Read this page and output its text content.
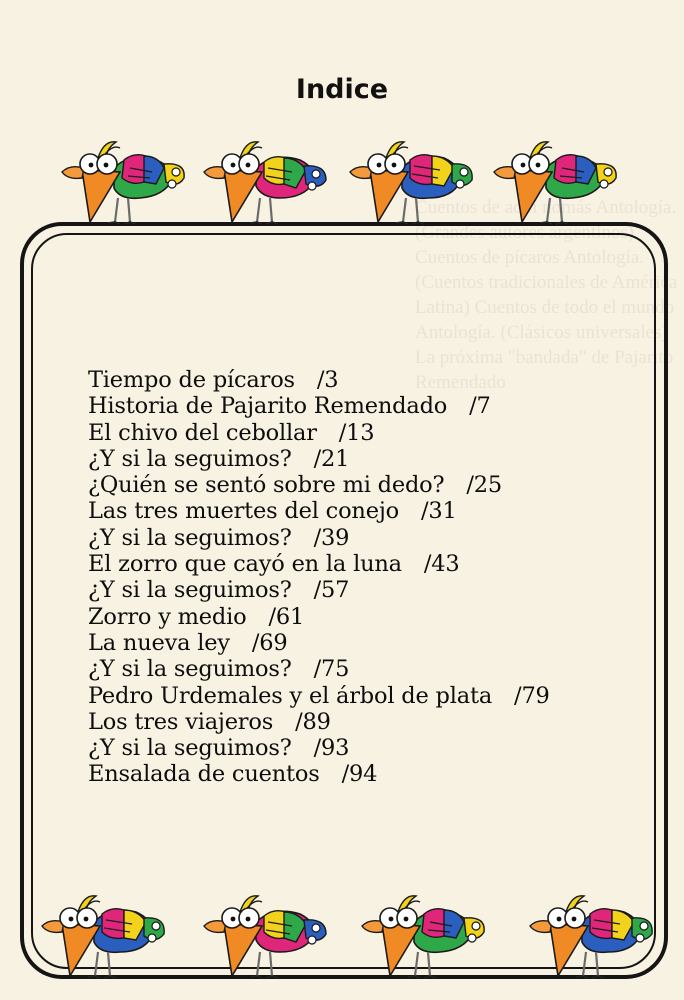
Cuentos de aquí nomás Antología. (Grandes autores argentinos) Cuentos de pícaros Antología. (Cuentos tradicionales de América Latina) Cuentos de todo el mundo Antología. (Clásicos universales) La próxima "bandada" de Pajarito Remendado
Indice
Tiempo de pícaros /3
Historia de Pajarito Remendado /7
El chivo del cebollar /13
¿Y si la seguimos? /21
¿Quién se sentó sobre mi dedo? /25
Las tres muertes del conejo /31
¿Y si la seguimos? /39
El zorro que cayó en la luna /43
¿Y si la seguimos? /57
Zorro y medio /61
La nueva ley /69
¿Y si la seguimos? /75
Pedro Urdemales y el árbol de plata /79
Los tres viajeros /89
¿Y si la seguimos? /93
Ensalada de cuentos /94
